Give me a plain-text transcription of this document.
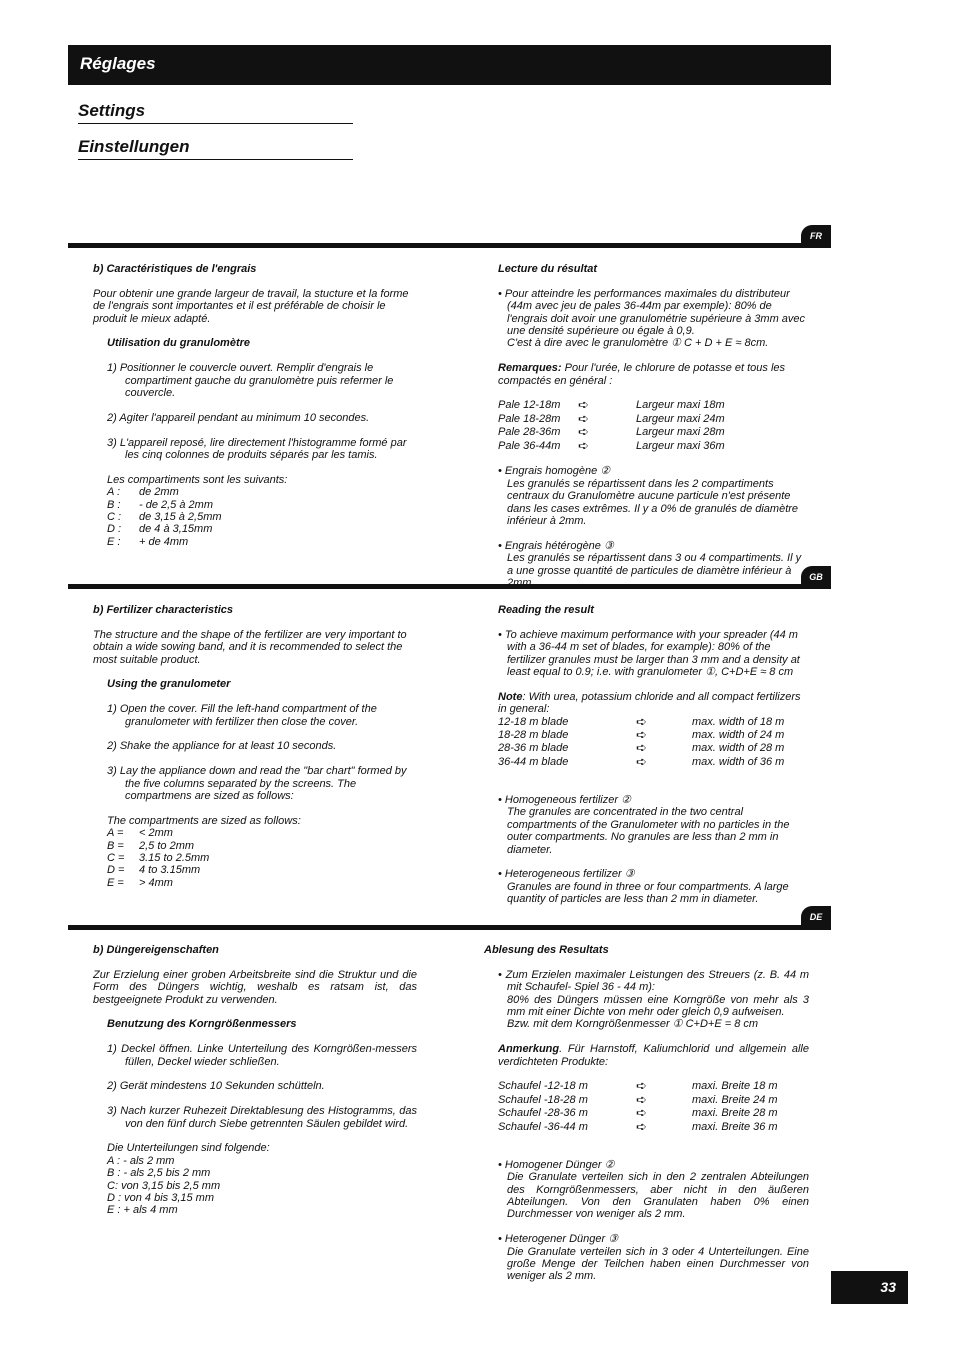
Réglages
Settings
Einstellungen
FR
b) Caractéristiques de l'engrais
Pour obtenir une grande largeur de travail, la stucture et la forme de l'engrais sont importantes et il est préférable de choisir le produit le mieux adapté.
Utilisation du granulomètre
1) Positionner le couvercle ouvert. Remplir d'engrais le compartiment gauche du granulomètre puis refermer le couvercle.
2) Agiter l'appareil pendant au minimum 10 secondes.
3) L'appareil reposé, lire directement l'histogramme formé par les cinq colonnes de produits séparés par les tamis.
Les compartiments sont les suivants:
A :	de 2mm
B :	- de 2,5 à 2mm
C :	de 3,15 à 2,5mm
D :	de 4 à 3,15mm
E :	+ de 4mm
Lecture du résultat
• Pour atteindre les performances maximales du distributeur (44m avec jeu de pales 36-44m par exemple): 80% de l'engrais doit avoir une granulométrie supérieure à 3mm avec une densité supérieure ou égale à 0,9.
C'est à dire avec le granulomètre ① C + D + E ≈ 8cm.
Remarques: Pour l'urée, le chlorure de potasse et tous les compactés en général :
Pale 12-18m	➪	Largeur maxi 18m
Pale 18-28m	➪	Largeur maxi 24m
Pale 28-36m	➪	Largeur maxi 28m
Pale 36-44m	➪	Largeur maxi 36m
• Engrais homogène ②
Les granulés se répartissent dans les 2 compartiments centraux du Granulomètre aucune particule n'est présente dans les cases extrêmes. Il y a 0% de granulés de diamètre inférieur à 2mm.
• Engrais hétérogène ③
Les granulés se répartissent dans 3 ou 4 compartiments. Il y a une grosse quantité de particules de diamètre inférieur à
GB
b) Fertilizer characteristics
The structure and the shape of the fertilizer are very important to obtain a wide sowing band, and it is recommended to select the most suitable product.
Using the granulometer
1) Open the cover. Fill the left-hand compartment of the granulometer with fertilizer then close the cover.
2) Shake the appliance for at least 10 seconds.
3) Lay the appliance down and read the "bar chart" formed by the five columns separated by the screens. The compartmens are sized as follows:
The compartments are sized as follows:
A =	< 2mm
B =	2,5 to 2mm
C =	3.15 to 2.5mm
D =	4 to 3.15mm
E =	> 4mm
Reading the result
• To achieve maximum performance with your spreader (44 m with a 36-44 m set of blades, for example): 80% of the fertilizer granules must be larger than 3 mm and a density at least equal to 0.9; i.e. with granulometer ①, C+D+E ≈ 8 cm
Note: With urea, potassium chloride and all compact fertilizers in general:
12-18 m blade	➪	max. width of 18 m
18-28 m blade	➪	max. width of 24 m
28-36 m blade	➪	max. width of 28 m
36-44 m blade	➪	max. width of 36 m
• Homogeneous fertilizer ②
The granules are concentrated in the two central compartments of the Granulometer with no particles in the outer compartments. No granules are less than 2 mm in diameter.
• Heterogeneous fertilizer ③
Granules are found in three or four compartments. A large quantity of particles are less than 2 mm in diameter.
DE
b) Düngereigenschaften
Zur Erzielung einer groben Arbeitsbreite sind die Struktur und die Form des Düngers wichtig, weshalb es ratsam ist, das bestgeeignete Produkt zu verwenden.
Benutzung des Korngrößenmessers
1) Deckel öffnen. Linke Unterteilung des Korngrößen-messers füllen, Deckel wieder schließen.
2) Gerät mindestens 10 Sekunden schütteln.
3) Nach kurzer Ruhezeit Direktablesung des Histogramms, das von den fünf durch Siebe getrennten Säulen gebildet wird.
Die Unterteilungen sind folgende:
A : - als 2 mm
B : - als 2,5 bis 2 mm
C: von 3,15 bis 2,5 mm
D : von 4 bis 3,15 mm
E : + als 4 mm
Ablesung des Resultats
• Zum Erzielen maximaler Leistungen des Streuers (z. B. 44 m mit Schaufel- Spiel 36 - 44 m):
80% des Düngers müssen eine Korngröße von mehr als 3 mm mit einer Dichte von mehr oder gleich 0,9 aufweisen.
Bzw. mit dem Korngrößenmesser ① C+D+E = 8 cm
Anmerkung. Für Harnstoff, Kaliumchlorid und allgemein alle verdichteten Produkte:
Schaufel -12-18 m	➪	maxi. Breite 18 m
Schaufel -18-28 m	➪	maxi. Breite 24 m
Schaufel -28-36 m	➪	maxi. Breite 28 m
Schaufel -36-44 m	➪	maxi. Breite 36 m
• Homogener Dünger ②
Die Granulate verteilen sich in den 2 zentralen Abteilungen des Korngrößenmessers, aber nicht in den äußeren Abteilungen. Von den Granulaten haben 0% einen Durchmesser von weniger als 2 mm.
• Heterogener Dünger ③
Die Granulate verteilen sich in 3 oder 4 Unterteilungen. Eine große Menge der Teilchen haben einen Durchmesser von weniger als 2 mm.
33
